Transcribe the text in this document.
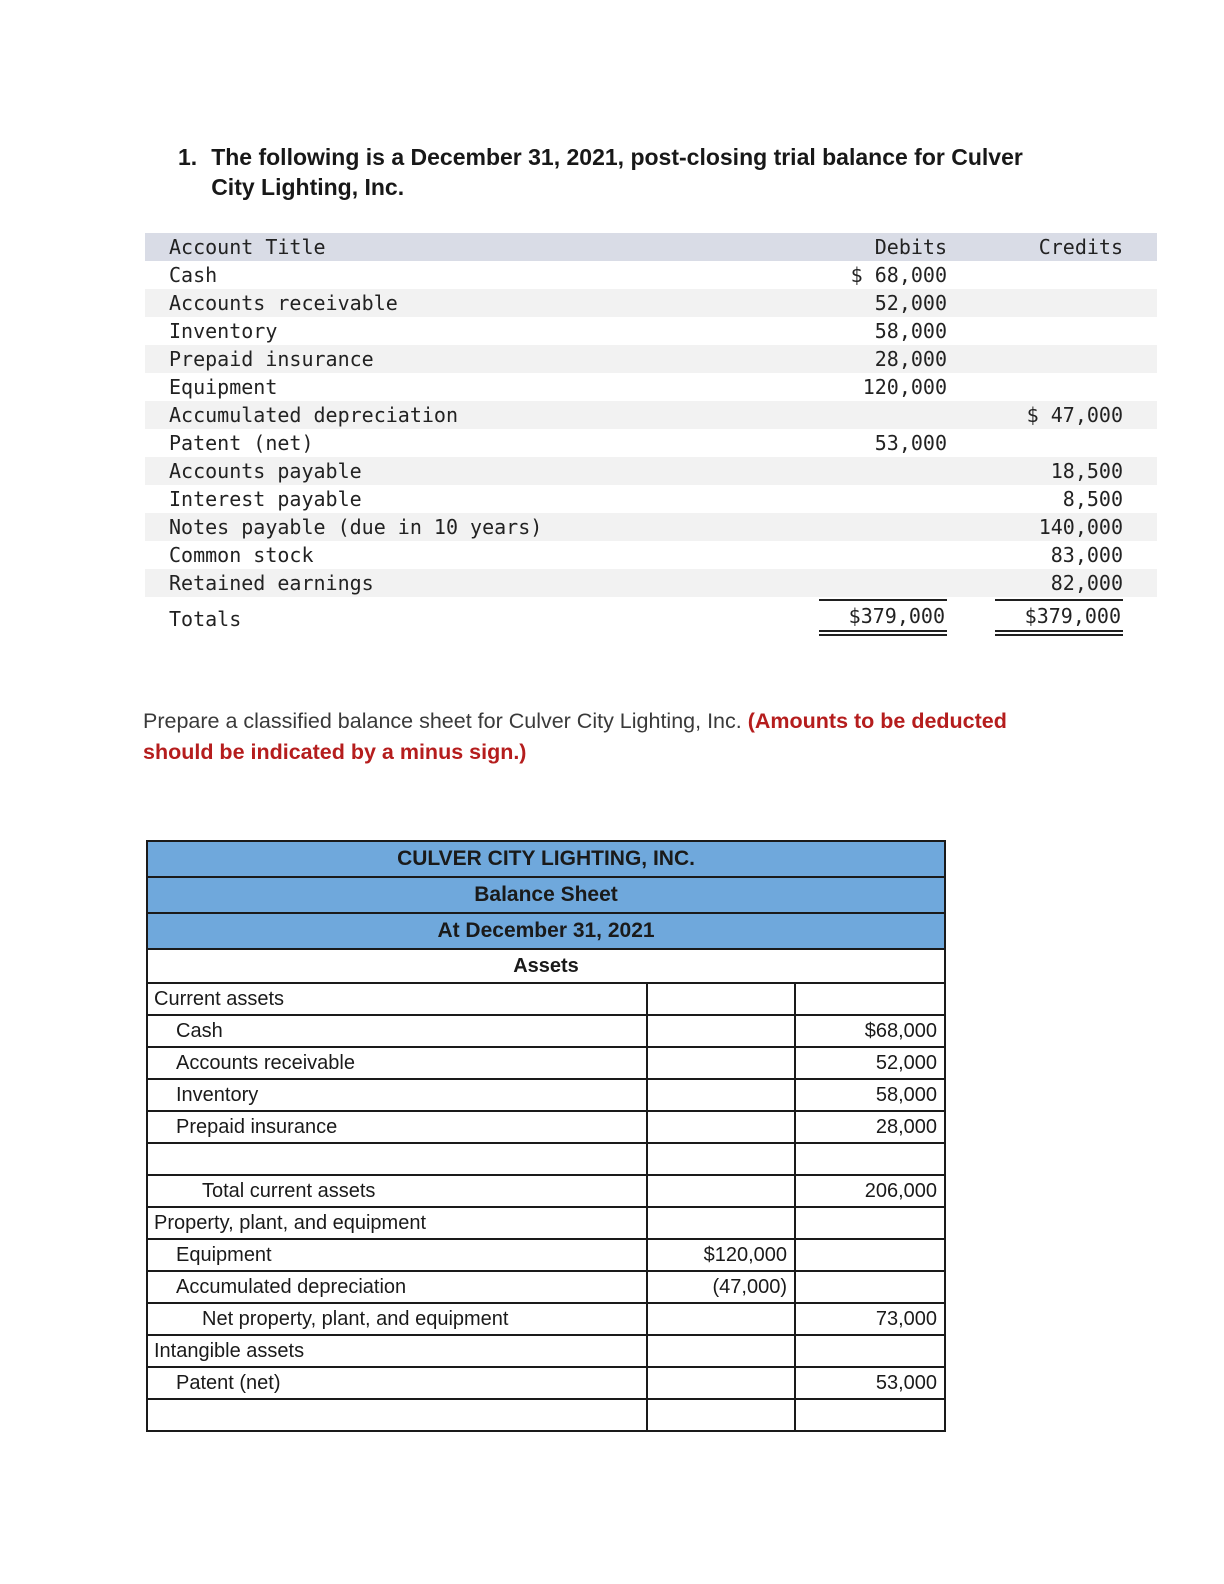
1. The following is a December 31, 2021, post-closing trial balance for Culver City Lighting, Inc.
Account Title	Debits	Credits
Cash	$ 68,000	
Accounts receivable	52,000	
Inventory	58,000	
Prepaid insurance	28,000	
Equipment	120,000	
Accumulated depreciation		$ 47,000
Patent (net)	53,000	
Accounts payable		18,500
Interest payable		8,500
Notes payable (due in 10 years)		140,000
Common stock		83,000
Retained earnings		82,000
Totals	$379,000	$379,000

Prepare a classified balance sheet for Culver City Lighting, Inc. (Amounts to be deducted should be indicated by a minus sign.)

CULVER CITY LIGHTING, INC.		
Balance Sheet		
At December 31, 2021		
Assets		
Current assets		
Cash		$68,000
Accounts receivable		52,000
Inventory		58,000
Prepaid insurance		28,000

Total current assets		206,000
Property, plant, and equipment		
Equipment	$120,000	
Accumulated depreciation	(47,000)	
Net property, plant, and equipment		73,000
Intangible assets		
Patent (net)		53,000
